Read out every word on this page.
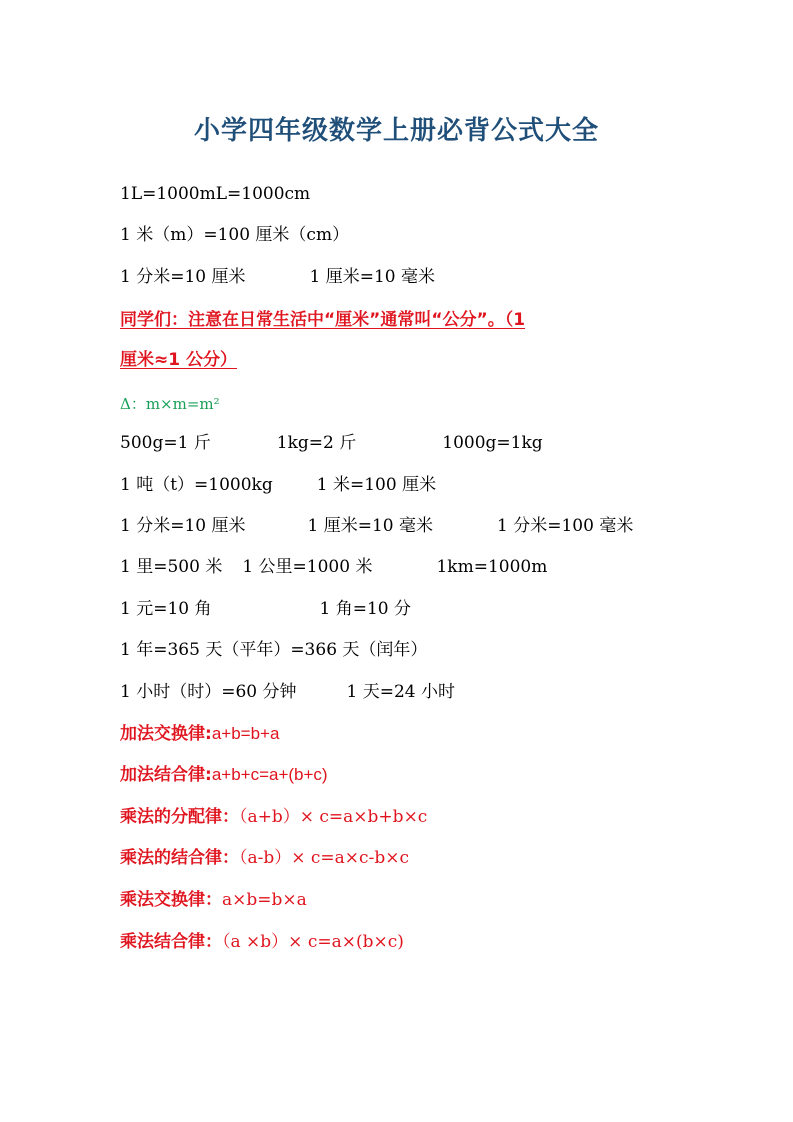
小学四年级数学上册必背公式大全
1L=1000mL=1000cm
1 米（m）=100 厘米（cm）
1 分米=10 厘米	1 厘米=10 毫米
同学们：注意在日常生活中“厘米”通常叫“公分”。（1
厘米≈1 公分）
Δ：m×m=m²
500g=1 斤	1kg=2 斤	1000g=1kg
1 吨（t）=1000kg	1 米=100 厘米
1 分米=10 厘米	1 厘米=10 毫米	1 分米=100 毫米
1 里=500 米 1 公里=1000 米	1km=1000m
1 元=10 角	1 角=10 分
1 年=365 天（平年）=366 天（闰年）
1 小时（时）=60 分钟	1 天=24 小时
加法交换律:a+b=b+a
加法结合律:a+b+c=a+(b+c)
乘法的分配律：（a+b）× c=a×b+b×c
乘法的结合律：（a-b）× c=a×c-b×c
乘法交换律：a×b=b×a
乘法结合律：（a ×b）× c=a×(b×c)
